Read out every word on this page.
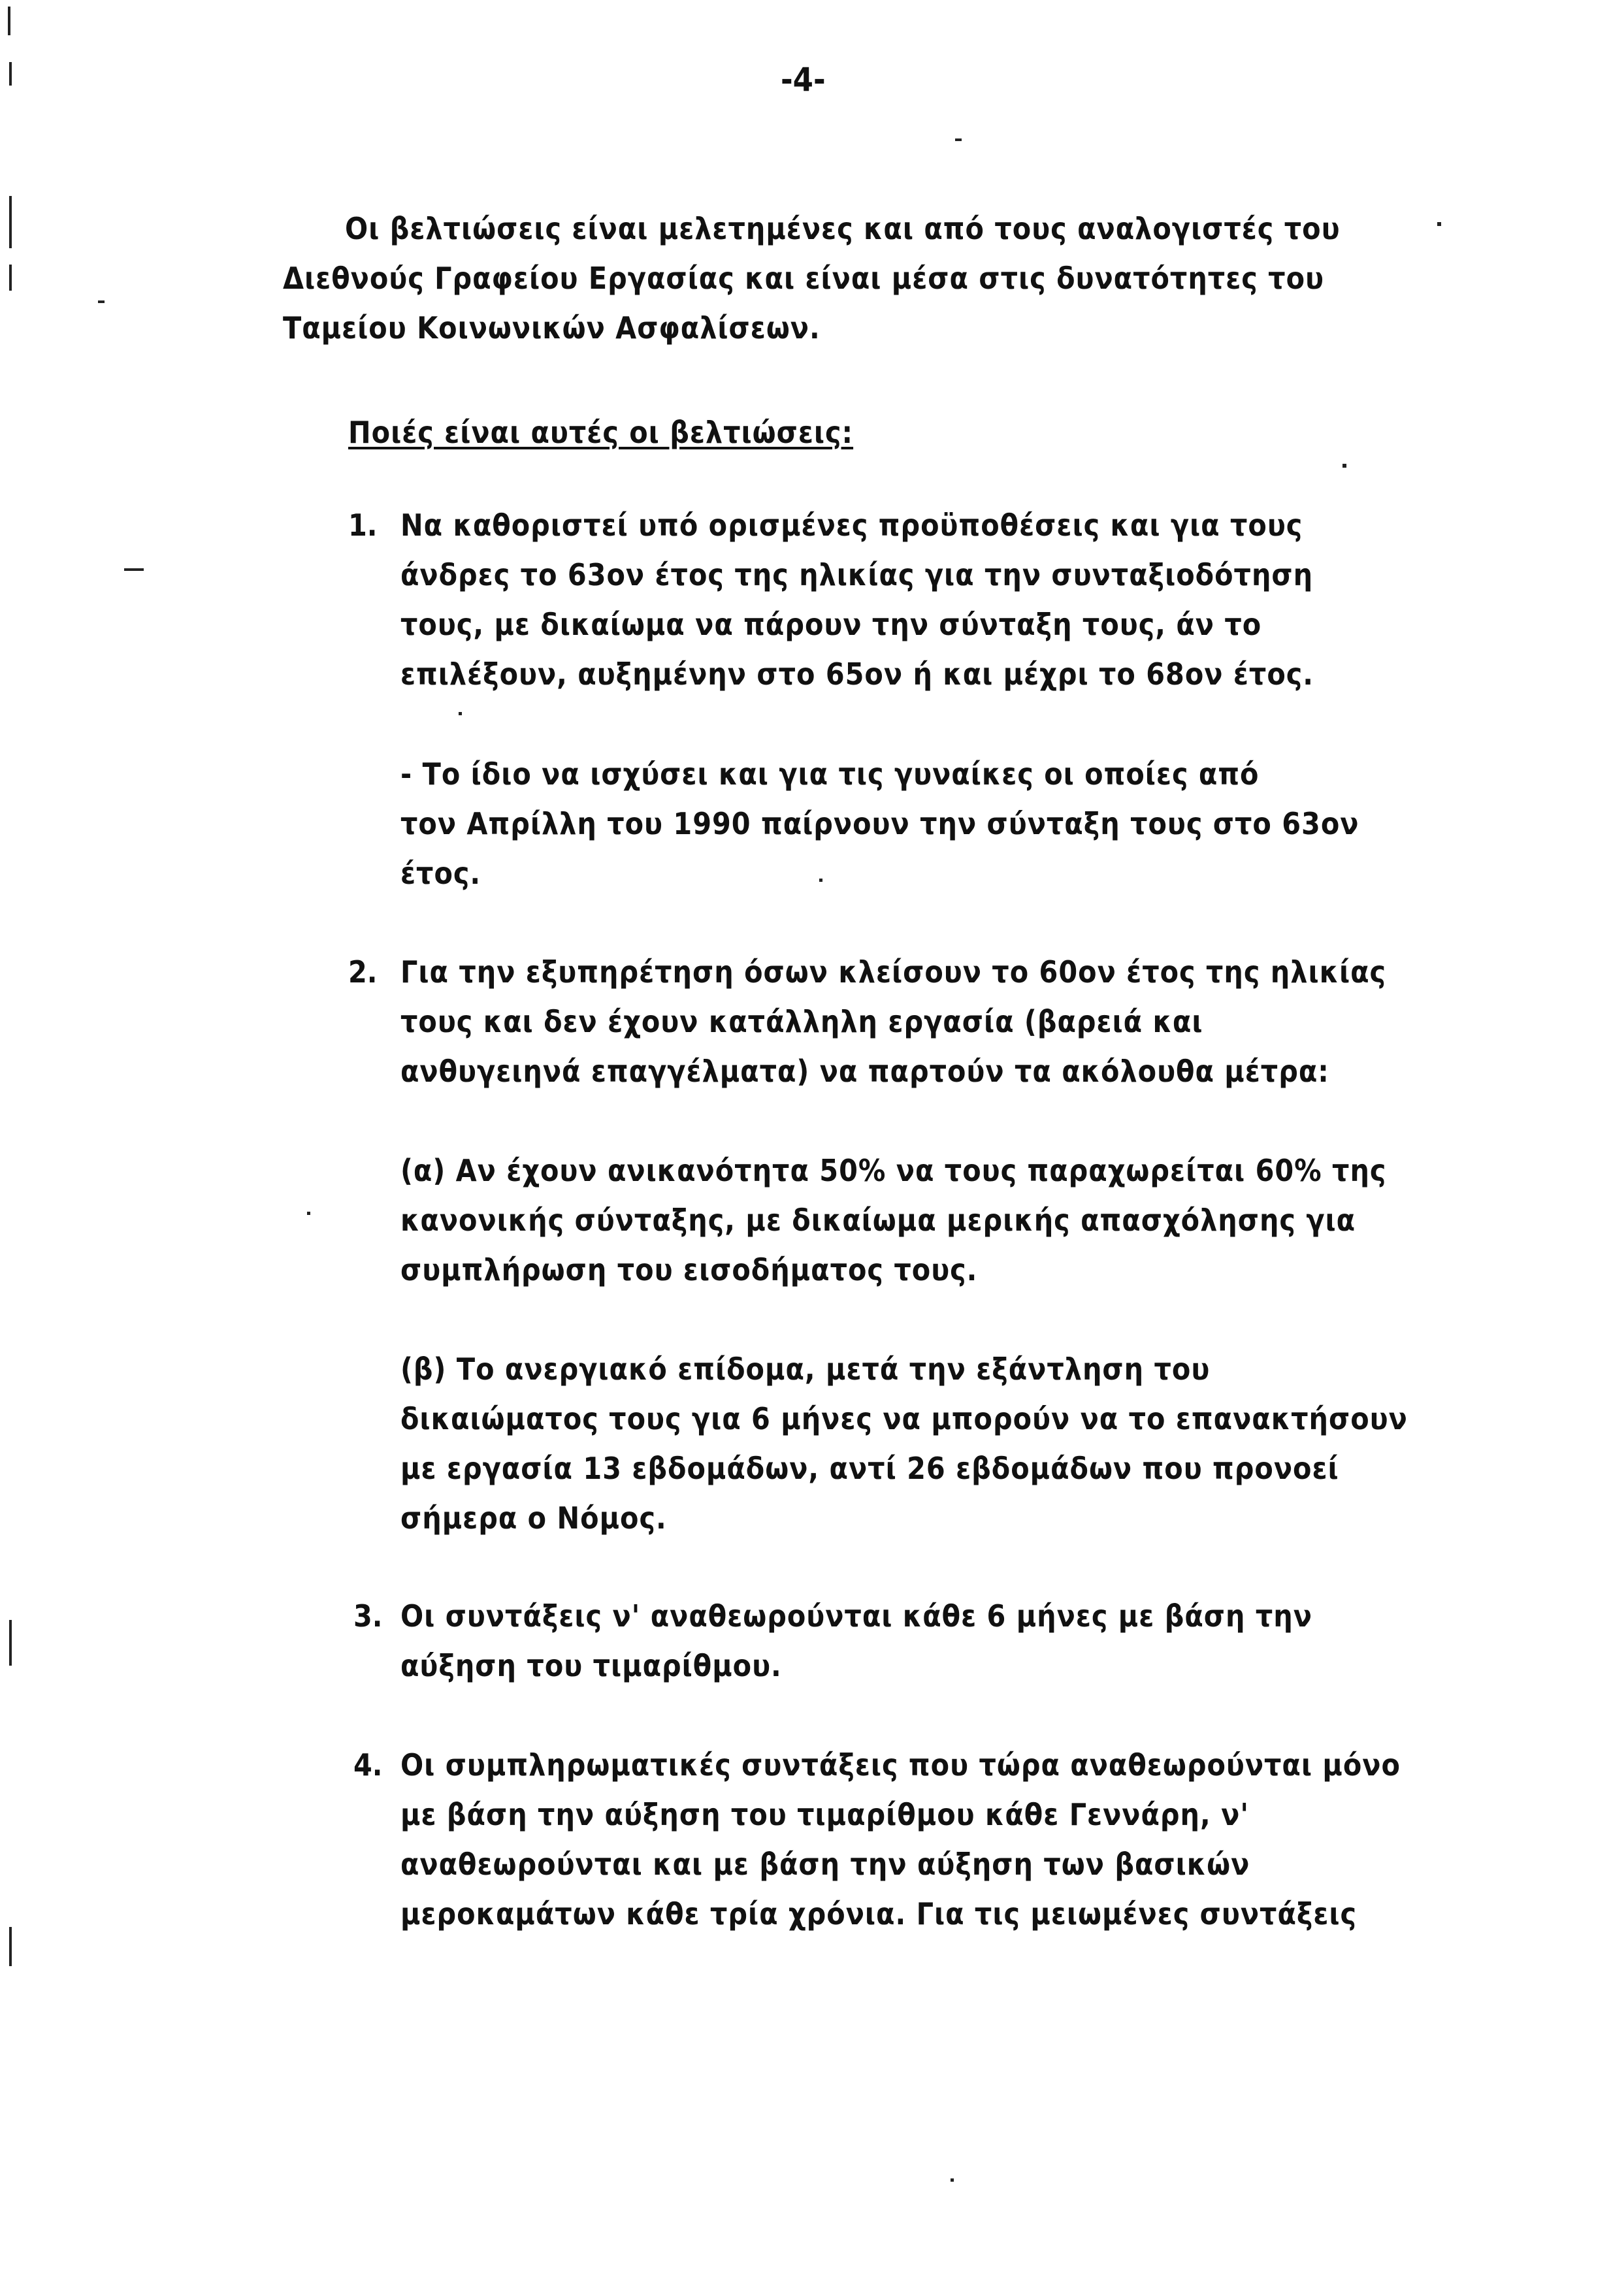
-4-
Οι βελτιώσεις είναι μελετημένες και από τους αναλογιστές του
Διεθνούς Γραφείου Εργασίας και είναι μέσα στις δυνατότητες του
Ταμείου Κοινωνικών Ασφαλίσεων.
Ποιές είναι αυτές οι βελτιώσεις:
1. Να καθοριστεί υπό ορισμένες προϋποθέσεις και για τους
άνδρες το 63ον έτος της ηλικίας για την συνταξιοδότηση
τους, με δικαίωμα να πάρουν την σύνταξη τους, άν το
επιλέξουν, αυξημένην στο 65ον ή και μέχρι το 68ον έτος.
- Το ίδιο να ισχύσει και για τις γυναίκες οι οποίες από
τον Απρίλλη του 1990 παίρνουν την σύνταξη τους στο 63ον
έτος.
2. Για την εξυπηρέτηση όσων κλείσουν το 60ον έτος της ηλικίας
τους και δεν έχουν κατάλληλη εργασία (βαρειά και
ανθυγειηνά επαγγέλματα) να παρτούν τα ακόλουθα μέτρα:
(α) Αν έχουν ανικανότητα 50% να τους παραχωρείται 60% της
κανονικής σύνταξης, με δικαίωμα μερικής απασχόλησης για
συμπλήρωση του εισοδήματος τους.
(β) Το ανεργιακό επίδομα, μετά την εξάντληση του
δικαιώματος τους για 6 μήνες να μπορούν να το επανακτήσουν
με εργασία 13 εβδομάδων, αντί 26 εβδομάδων που προνοεί
σήμερα ο Νόμος.
3. Οι συντάξεις ν' αναθεωρούνται κάθε 6 μήνες με βάση την
αύξηση του τιμαρίθμου.
4. Οι συμπληρωματικές συντάξεις που τώρα αναθεωρούνται μόνο
με βάση την αύξηση του τιμαρίθμου κάθε Γεννάρη, ν'
αναθεωρούνται και με βάση την αύξηση των βασικών
μεροκαμάτων κάθε τρία χρόνια. Για τις μειωμένες συντάξεις
